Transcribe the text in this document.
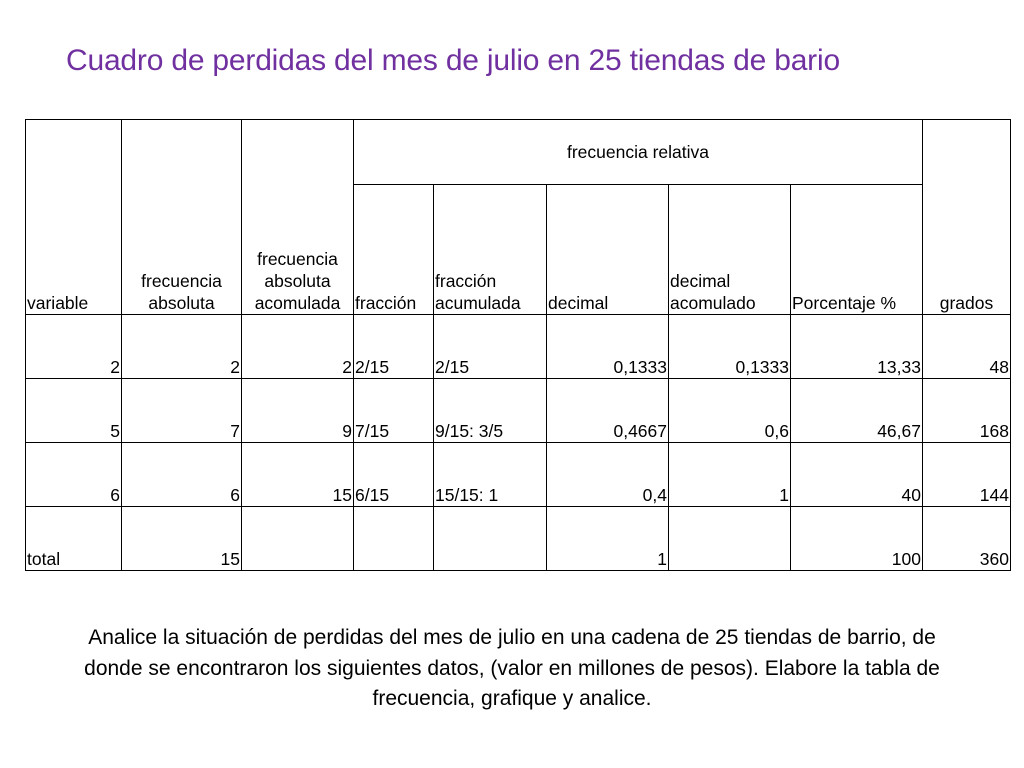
Cuadro de perdidas del mes de julio en 25 tiendas de bario
variable	frecuencia absoluta	frecuencia absoluta acomulada	frecuencia relativa					grados
			fracción	fracción acumulada	decimal	decimal acomulado	Porcentaje %	
2	2	2	2/15	2/15	0,1333	0,1333	13,33	48
5	7	9	7/15	9/15: 3/5	0,4667	0,6	46,67	168
6	6	15	6/15	15/15: 1	0,4	1	40	144
total	15				1		100	360
Analice la situación de perdidas del mes de julio en una cadena de 25 tiendas de barrio, de donde se encontraron los siguientes datos, (valor en millones de pesos). Elabore la tabla de frecuencia, grafique y analice.
